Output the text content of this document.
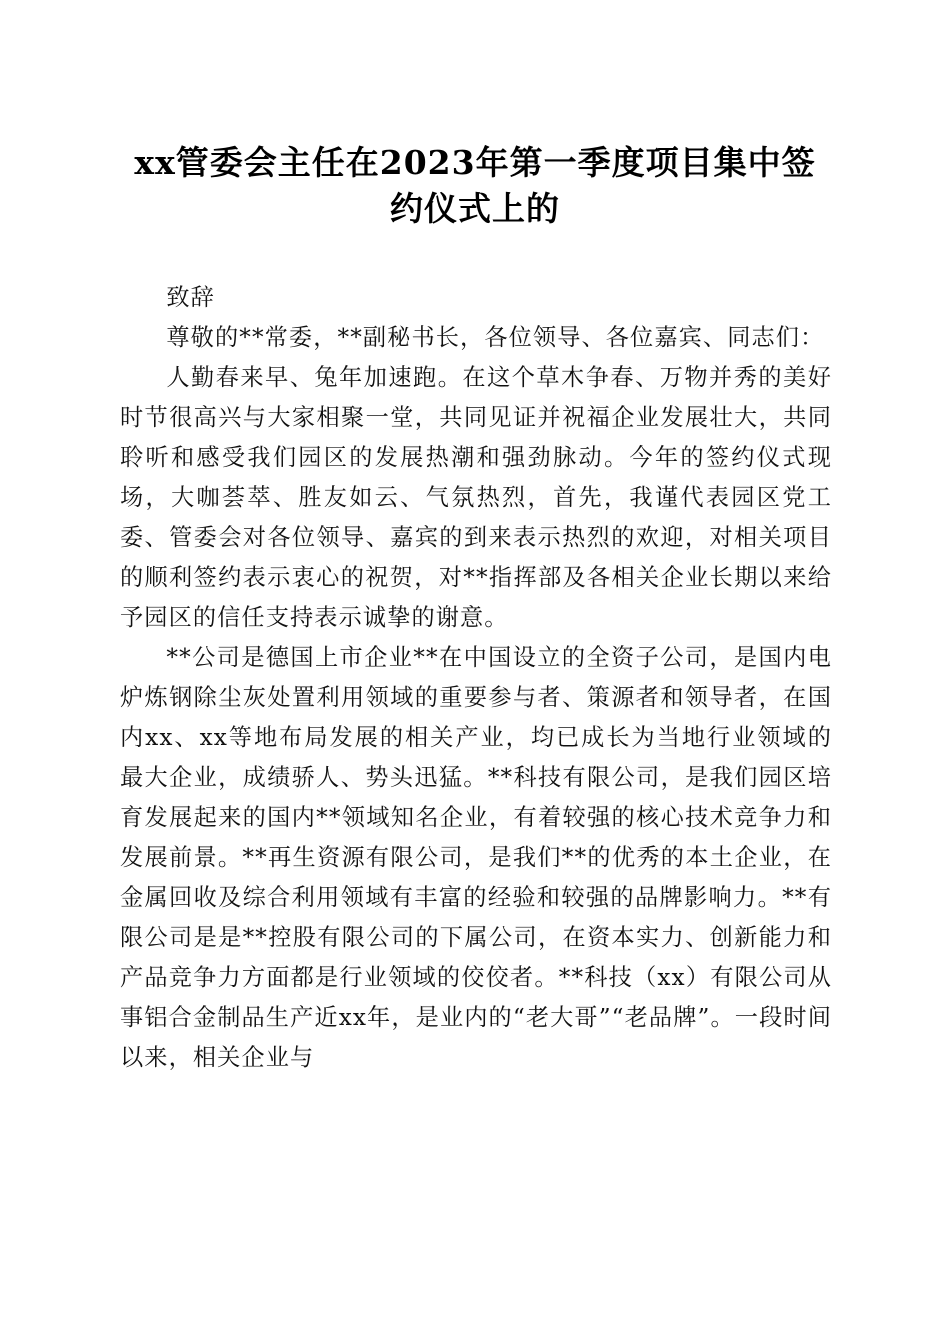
xx管委会主任在2023年第一季度项目集中签
约仪式上的

致辞

尊敬的**常委，**副秘书长，各位领导、各位嘉宾、同志们：

人勤春来早、兔年加速跑。在这个草木争春、万物并秀的美好时节很高兴与大家相聚一堂，共同见证并祝福企业发展壮大，共同聆听和感受我们园区的发展热潮和强劲脉动。今年的签约仪式现场，大咖荟萃、胜友如云、气氛热烈，首先，我谨代表园区党工委、管委会对各位领导、嘉宾的到来表示热烈的欢迎，对相关项目的顺利签约表示衷心的祝贺，对**指挥部及各相关企业长期以来给予园区的信任支持表示诚挚的谢意。

**公司是德国上市企业**在中国设立的全资子公司，是国内电炉炼钢除尘灰处置利用领域的重要参与者、策源者和领导者，在国内xx、xx等地布局发展的相关产业，均已成长为当地行业领域的最大企业，成绩骄人、势头迅猛。**科技有限公司，是我们园区培育发展起来的国内**领域知名企业，有着较强的核心技术竞争力和发展前景。**再生资源有限公司，是我们**的优秀的本土企业，在金属回收及综合利用领域有丰富的经验和较强的品牌影响力。**有限公司是是**控股有限公司的下属公司，在资本实力、创新能力和产品竞争力方面都是行业领域的佼佼者。**科技（xx）有限公司从事铝合金制品生产近xx年，是业内的“老大哥”“老品牌”。一段时间以来，相关企业与
